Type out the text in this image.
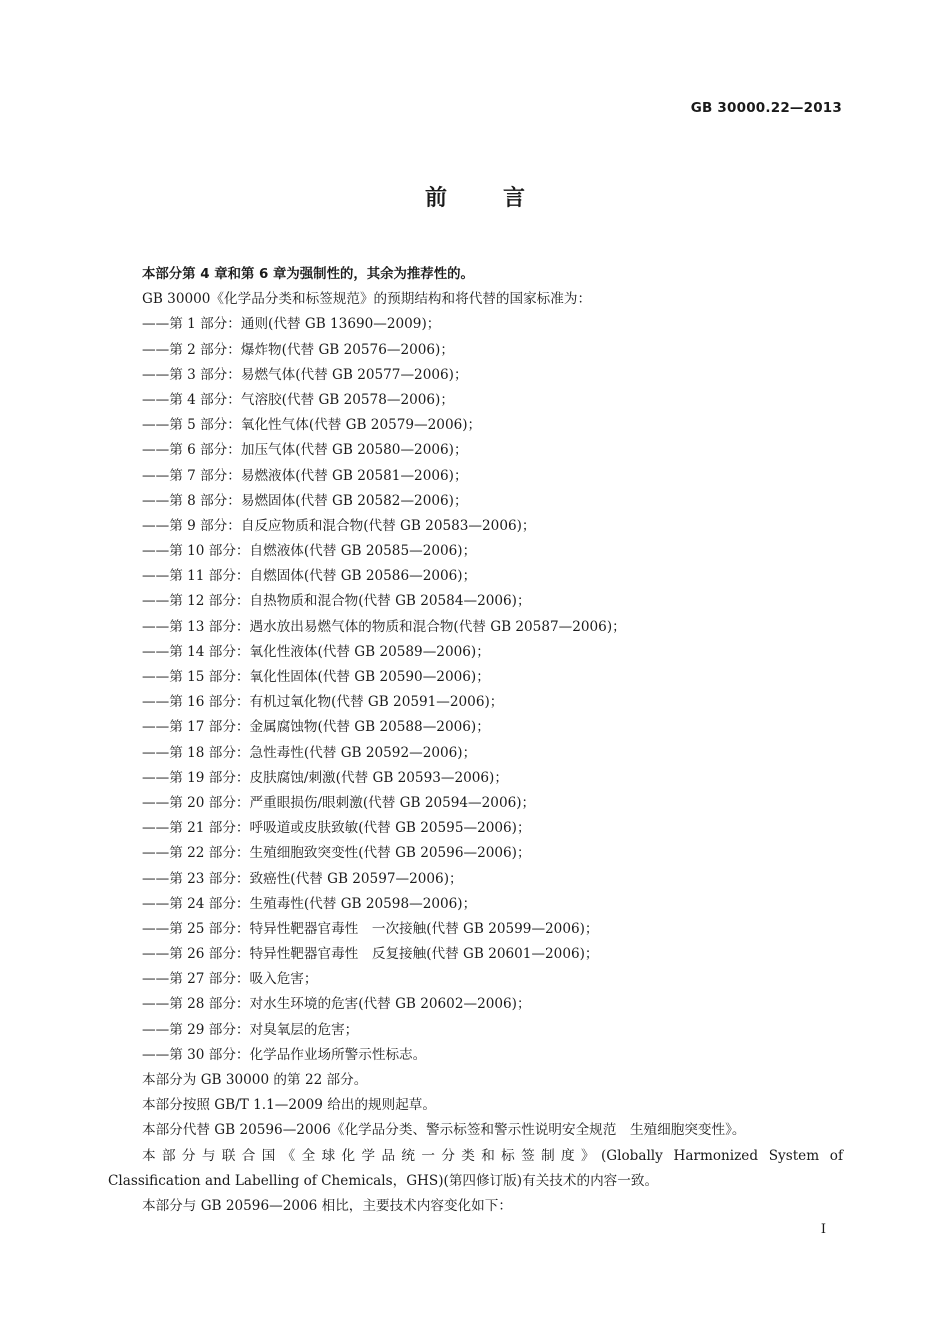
GB 30000.22—2013
前	言
本部分第 4 章和第 6 章为强制性的，其余为推荐性的。
GB 30000《化学品分类和标签规范》的预期结构和将代替的国家标准为：
——第 1 部分：通则(代替 GB 13690—2009)；
——第 2 部分：爆炸物(代替 GB 20576—2006)；
——第 3 部分：易燃气体(代替 GB 20577—2006)；
——第 4 部分：气溶胶(代替 GB 20578—2006)；
——第 5 部分：氧化性气体(代替 GB 20579—2006)；
——第 6 部分：加压气体(代替 GB 20580—2006)；
——第 7 部分：易燃液体(代替 GB 20581—2006)；
——第 8 部分：易燃固体(代替 GB 20582—2006)；
——第 9 部分：自反应物质和混合物(代替 GB 20583—2006)；
——第 10 部分：自燃液体(代替 GB 20585—2006)；
——第 11 部分：自燃固体(代替 GB 20586—2006)；
——第 12 部分：自热物质和混合物(代替 GB 20584—2006)；
——第 13 部分：遇水放出易燃气体的物质和混合物(代替 GB 20587—2006)；
——第 14 部分：氧化性液体(代替 GB 20589—2006)；
——第 15 部分：氧化性固体(代替 GB 20590—2006)；
——第 16 部分：有机过氧化物(代替 GB 20591—2006)；
——第 17 部分：金属腐蚀物(代替 GB 20588—2006)；
——第 18 部分：急性毒性(代替 GB 20592—2006)；
——第 19 部分：皮肤腐蚀/刺激(代替 GB 20593—2006)；
——第 20 部分：严重眼损伤/眼刺激(代替 GB 20594—2006)；
——第 21 部分：呼吸道或皮肤致敏(代替 GB 20595—2006)；
——第 22 部分：生殖细胞致突变性(代替 GB 20596—2006)；
——第 23 部分：致癌性(代替 GB 20597—2006)；
——第 24 部分：生殖毒性(代替 GB 20598—2006)；
——第 25 部分：特异性靶器官毒性　一次接触(代替 GB 20599—2006)；
——第 26 部分：特异性靶器官毒性　反复接触(代替 GB 20601—2006)；
——第 27 部分：吸入危害；
——第 28 部分：对水生环境的危害(代替 GB 20602—2006)；
——第 29 部分：对臭氧层的危害；
——第 30 部分：化学品作业场所警示性标志。
本部分为 GB 30000 的第 22 部分。
本部分按照 GB/T 1.1—2009 给出的规则起草。
本部分代替 GB 20596—2006《化学品分类、警示标签和警示性说明安全规范　生殖细胞突变性》。
本部分与联合国《全球化学品统一分类和标签制度》(Globally Harmonized System of
Classification and Labelling of Chemicals，GHS)(第四修订版)有关技术的内容一致。
本部分与 GB 20596—2006 相比，主要技术内容变化如下：
I
